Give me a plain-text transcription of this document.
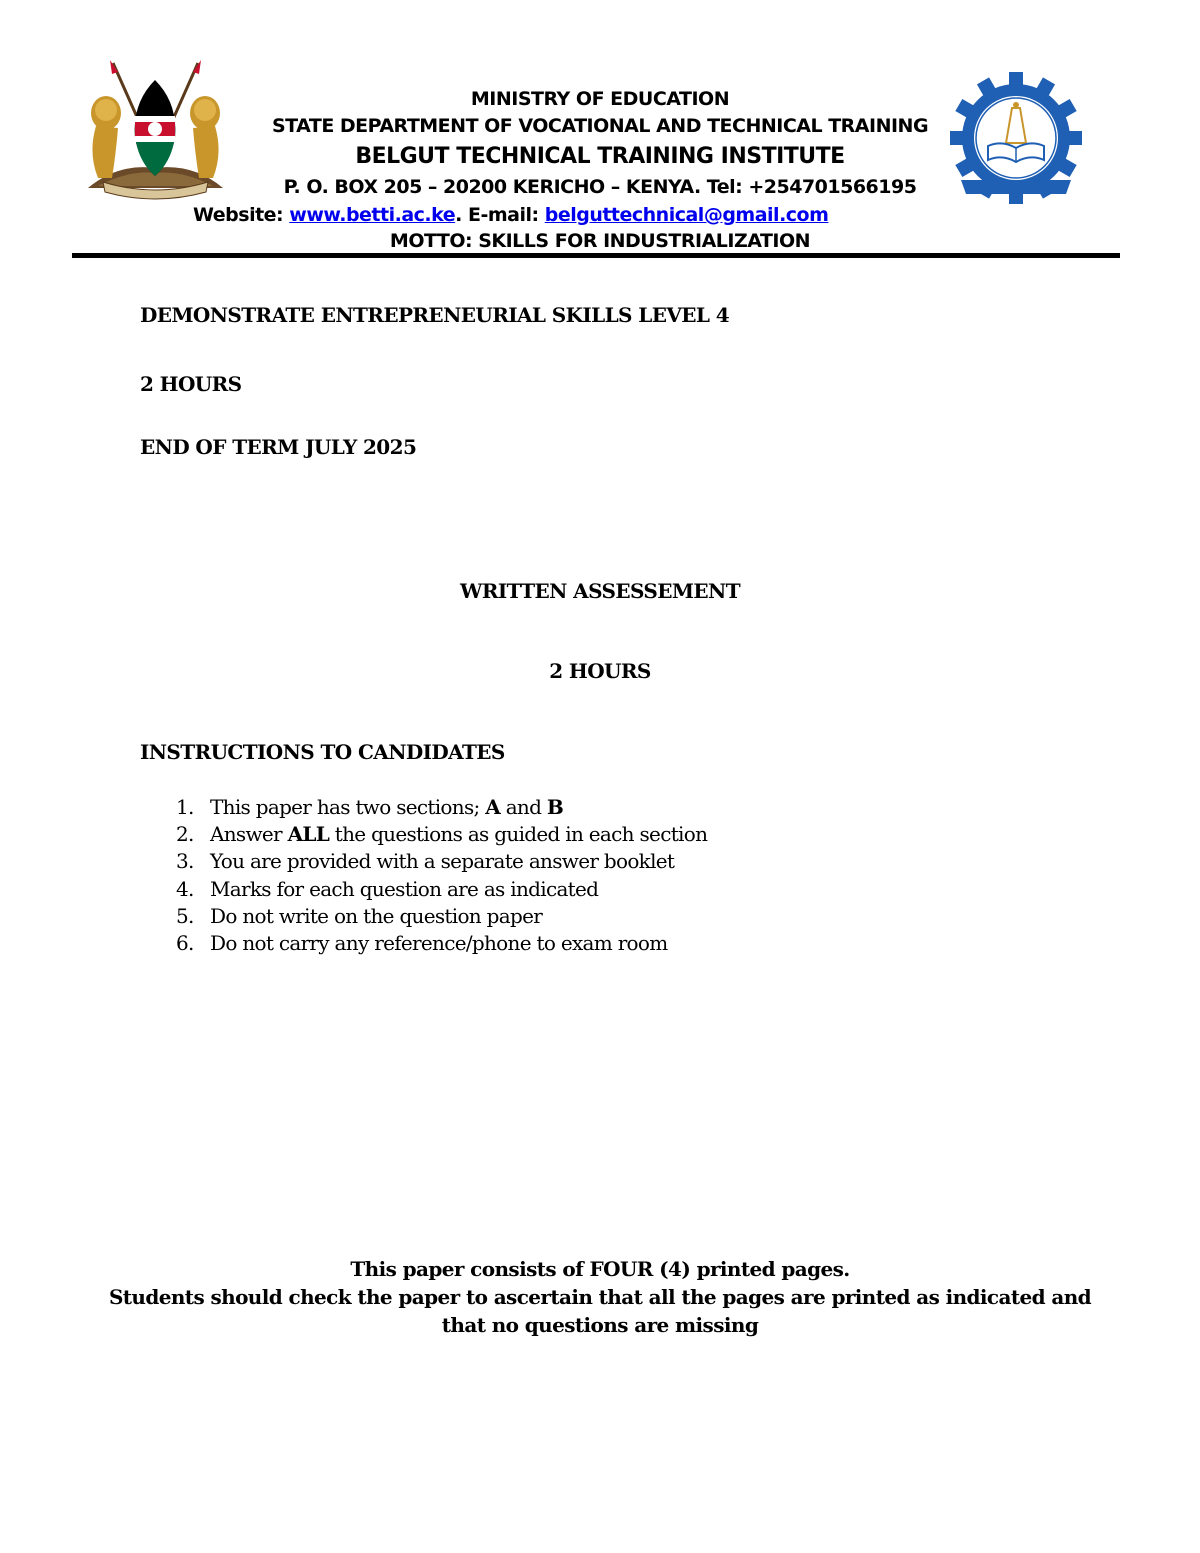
MINISTRY OF EDUCATION
STATE DEPARTMENT OF VOCATIONAL AND TECHNICAL TRAINING
BELGUT TECHNICAL TRAINING INSTITUTE
P. O. BOX 205 – 20200 KERICHO – KENYA. Tel: +254701566195
Website: www.betti.ac.ke. E-mail: belguttechnical@gmail.com
MOTTO: SKILLS FOR INDUSTRIALIZATION
DEMONSTRATE ENTREPRENEURIAL SKILLS LEVEL 4
2 HOURS
END OF TERM JULY 2025
WRITTEN ASSESSEMENT
2 HOURS
INSTRUCTIONS TO CANDIDATES
1. This paper has two sections; A and B
2. Answer ALL the questions as guided in each section
3. You are provided with a separate answer booklet
4. Marks for each question are as indicated
5. Do not write on the question paper
6. Do not carry any reference/phone to exam room
This paper consists of FOUR (4) printed pages.
Students should check the paper to ascertain that all the pages are printed as indicated and
that no questions are missing
